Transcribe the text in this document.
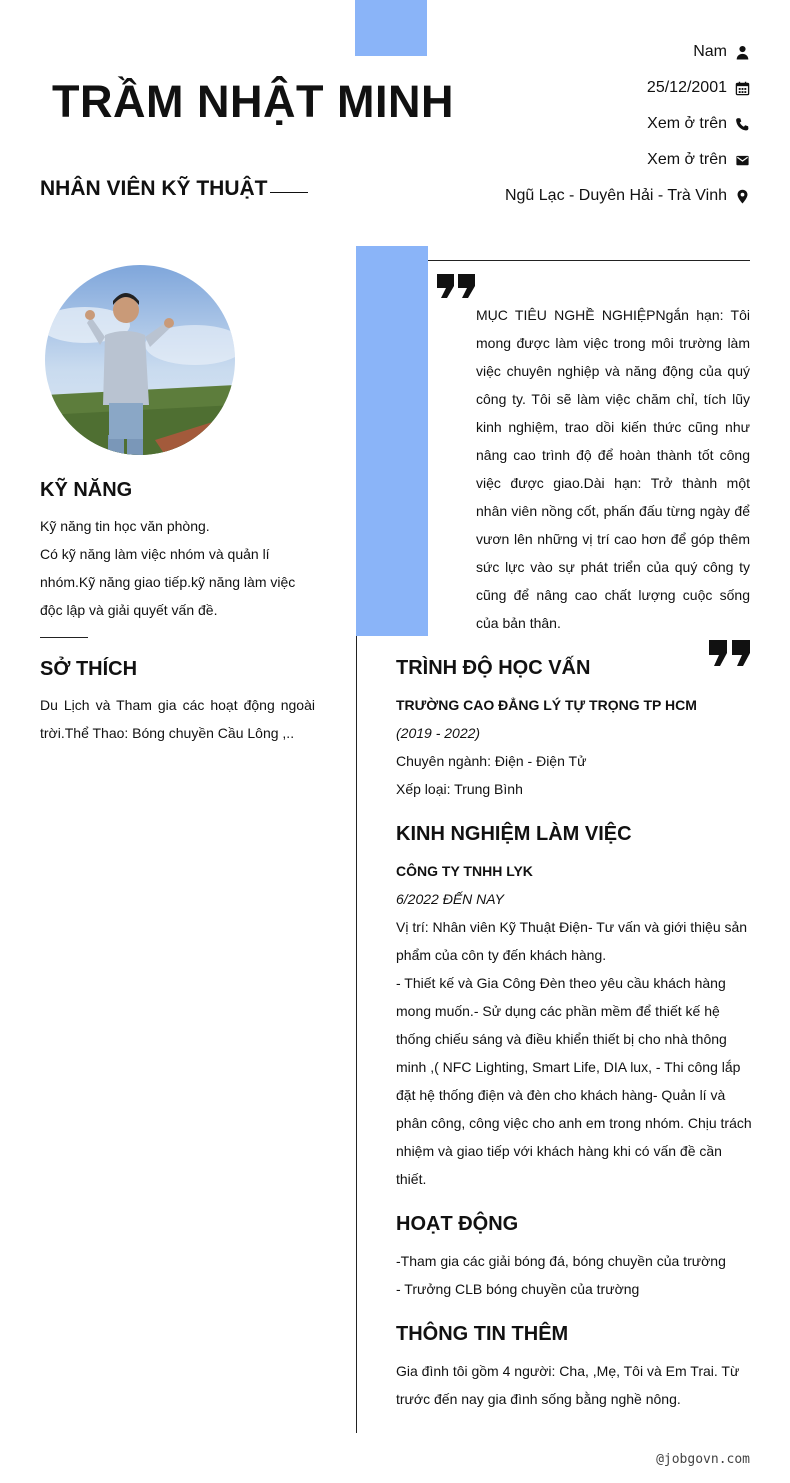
TRẦM NHẬT MINH
NHÂN VIÊN KỸ THUẬT
Nam
25/12/2001
Xem ở trên
Xem ở trên
Ngũ Lạc - Duyên Hải - Trà Vinh
MỤC TIÊU NGHỀ NGHIỆPNgắn hạn: Tôi mong được làm việc trong môi trường làm việc chuyên nghiệp và năng động của quý công ty. Tôi sẽ làm việc chăm chỉ, tích lũy kinh nghiệm, trao dồi kiến thức cũng như nâng cao trình độ để hoàn thành tốt công việc được giao.Dài hạn: Trở thành một nhân viên nồng cốt, phấn đấu từng ngày để vươn lên những vị trí cao hơn để góp thêm sức lực vào sự phát triển của quý công ty cũng để nâng cao chất lượng cuộc sống của bản thân.
KỸ NĂNG
Kỹ năng tin học văn phòng.
Có kỹ năng làm việc nhóm và quản lí nhóm.Kỹ năng giao tiếp.kỹ năng làm việc độc lập và giải quyết vấn đề.
SỞ THÍCH
Du Lịch và Tham gia các hoạt động ngoài trời.Thể Thao: Bóng chuyền Cầu Lông ,..
TRÌNH ĐỘ HỌC VẤN
TRƯỜNG CAO ĐẲNG LÝ TỰ TRỌNG TP HCM
(2019 - 2022)
Chuyên ngành: Điện - Điện Tử
Xếp loại: Trung Bình
KINH NGHIỆM LÀM VIỆC
CÔNG TY TNHH LYK
6/2022 ĐẾN NAY
Vị trí: Nhân viên Kỹ Thuật Điện- Tư vấn và giới thiệu sản phẩm của côn ty đến khách hàng.
- Thiết kế và Gia Công Đèn theo yêu cầu khách hàng mong muốn.- Sử dụng các phần mềm để thiết kế hệ thống chiếu sáng và điều khiển thiết bị cho nhà thông minh ,( NFC Lighting, Smart Life, DIA lux, - Thi công lắp đặt hệ thống điện và đèn cho khách hàng- Quản lí và phân công, công việc cho anh em trong nhóm. Chịu trách nhiệm và giao tiếp với khách hàng khi có vấn đề cần thiết.
HOẠT ĐỘNG
-Tham gia các giải bóng đá, bóng chuyền của trường
- Trưởng CLB bóng chuyền của trường
THÔNG TIN THÊM
Gia đình tôi gồm 4 người: Cha, ,Mẹ, Tôi và Em Trai. Từ trước đến nay gia đình sống bằng nghề nông.
@jobgovn.com
